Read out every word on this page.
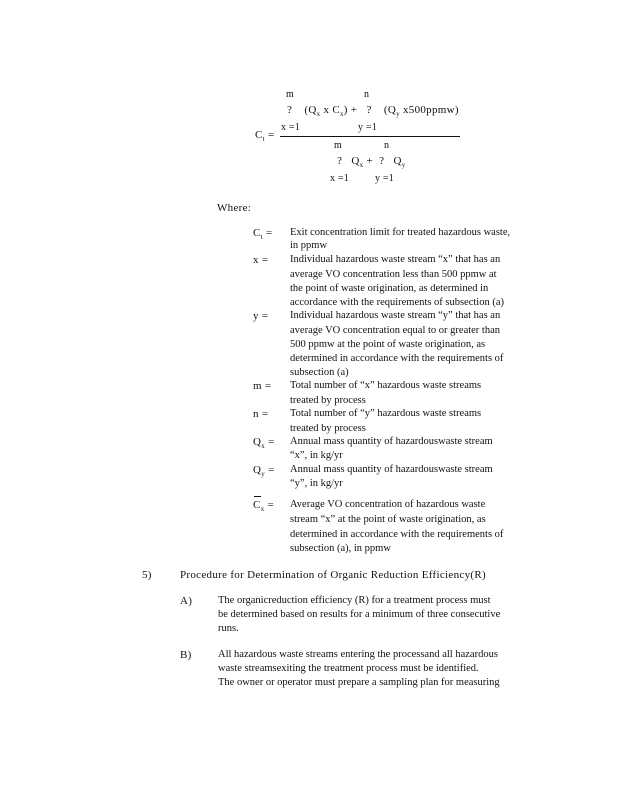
m	n
? ($Q_x$ x $C_x$) + ? ($Q_y$ x500ppmw)
x =1	y =1
$C_t$ =
m	n
? $Q_x$ + ? $Q_y$
x =1	y =1
Where:
$C_t$ = Exit concentration limit for treated hazardous waste,
in ppmw
x = Individual hazardous waste stream “x” that has an
average VO concentration less than 500 ppmw at
the point of waste origination, as determined in
accordance with the requirements of subsection (a)
y = Individual hazardous waste stream “y” that has an
average VO concentration equal to or greater than
500 ppmw at the point of waste origination, as
determined in accordance with the requirements of
subsection (a)
m = Total number of “x” hazardous waste streams
treated by process
n = Total number of “y” hazardous waste streams
treated by process
$Q_x$ = Annual mass quantity of hazardouswaste stream
“x”, in kg/yr
$Q_y$ = Annual mass quantity of hazardouswaste stream
“y”, in kg/yr
$C_x$ = Average VO concentration of hazardous waste
stream “x” at the point of waste origination, as
determined in accordance with the requirements of
subsection (a), in ppmw
5)	Procedure for Determination of Organic Reduction Efficiency(R)
A) The organicreduction efficiency (R) for a treatment process must
be determined based on results for a minimum of three consecutive
runs.
B)	All hazardous waste streams entering the processand all hazardous
waste streamsexiting the treatment process must be identified.
The owner or operator must prepare a sampling plan for measuring
